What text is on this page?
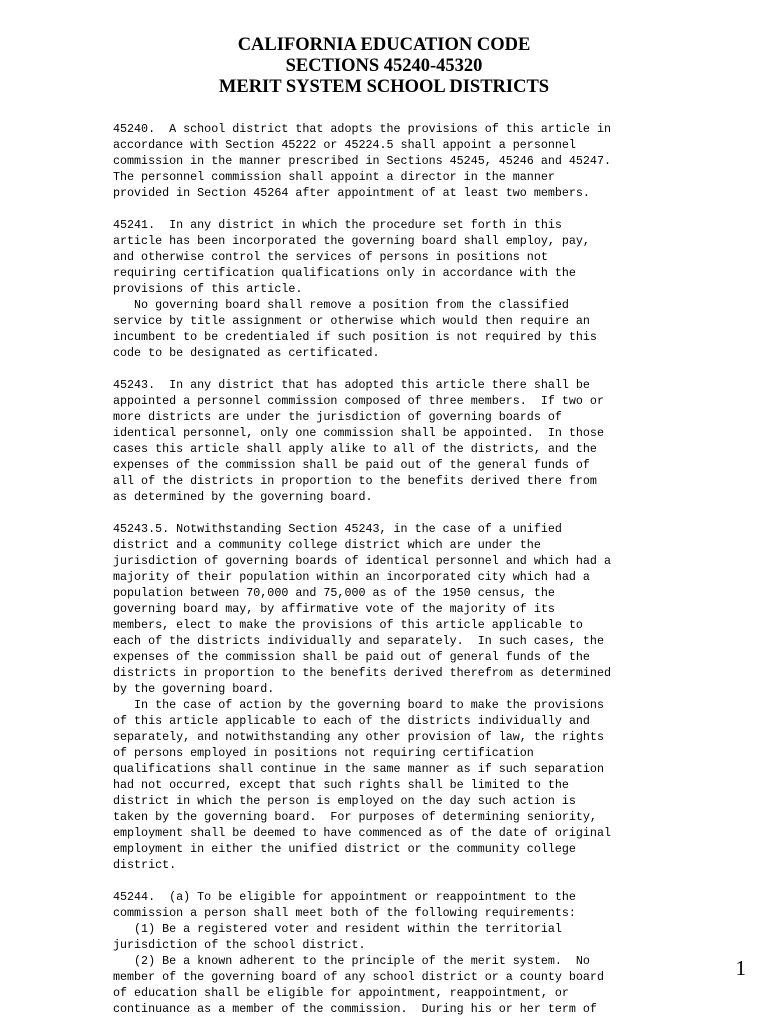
CALIFORNIA EDUCATION CODE
SECTIONS 45240-45320
MERIT SYSTEM SCHOOL DISTRICTS
45240.  A school district that adopts the provisions of this article in
accordance with Section 45222 or 45224.5 shall appoint a personnel
commission in the manner prescribed in Sections 45245, 45246 and 45247.
The personnel commission shall appoint a director in the manner
provided in Section 45264 after appointment of at least two members.
45241.  In any district in which the procedure set forth in this
article has been incorporated the governing board shall employ, pay,
and otherwise control the services of persons in positions not
requiring certification qualifications only in accordance with the
provisions of this article.
No governing board shall remove a position from the classified
service by title assignment or otherwise which would then require an
incumbent to be credentialed if such position is not required by this
code to be designated as certificated.
45243.  In any district that has adopted this article there shall be
appointed a personnel commission composed of three members.  If two or
more districts are under the jurisdiction of governing boards of
identical personnel, only one commission shall be appointed.  In those
cases this article shall apply alike to all of the districts, and the
expenses of the commission shall be paid out of the general funds of
all of the districts in proportion to the benefits derived there from
as determined by the governing board.
45243.5. Notwithstanding Section 45243, in the case of a unified
district and a community college district which are under the
jurisdiction of governing boards of identical personnel and which had a
majority of their population within an incorporated city which had a
population between 70,000 and 75,000 as of the 1950 census, the
governing board may, by affirmative vote of the majority of its
members, elect to make the provisions of this article applicable to
each of the districts individually and separately.  In such cases, the
expenses of the commission shall be paid out of general funds of the
districts in proportion to the benefits derived therefrom as determined
by the governing board.
In the case of action by the governing board to make the provisions
of this article applicable to each of the districts individually and
separately, and notwithstanding any other provision of law, the rights
of persons employed in positions not requiring certification
qualifications shall continue in the same manner as if such separation
had not occurred, except that such rights shall be limited to the
district in which the person is employed on the day such action is
taken by the governing board.  For purposes of determining seniority,
employment shall be deemed to have commenced as of the date of original
employment in either the unified district or the community college
district.
45244.  (a) To be eligible for appointment or reappointment to the
commission a person shall meet both of the following requirements:
(1) Be a registered voter and resident within the territorial
jurisdiction of the school district.
(2) Be a known adherent to the principle of the merit system.  No
member of the governing board of any school district or a county board
of education shall be eligible for appointment, reappointment, or
continuance as a member of the commission.  During his or her term of
1
